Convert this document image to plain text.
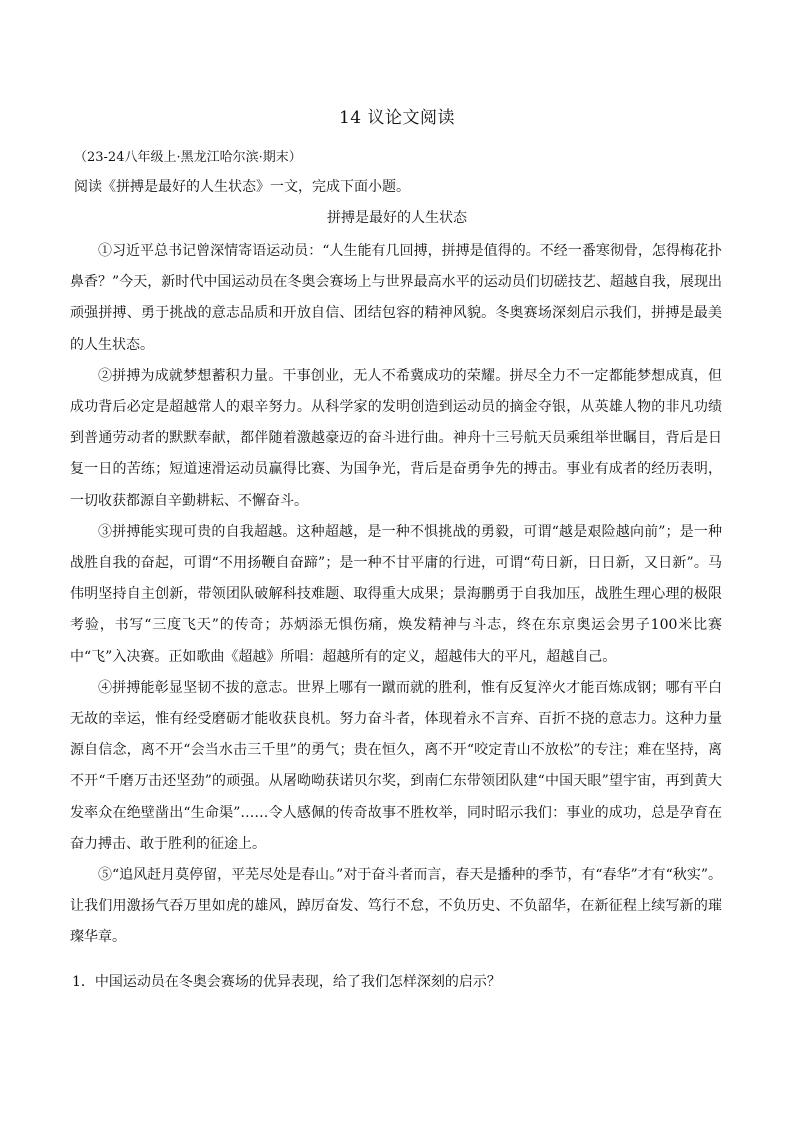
14 议论文阅读
（23-24八年级上·黑龙江哈尔滨·期末）
阅读《拼搏是最好的人生状态》一文，完成下面小题。
拼搏是最好的人生状态

①习近平总书记曾深情寄语运动员：“人生能有几回搏，拼搏是值得的。不经一番寒彻骨，怎得梅花扑鼻香？”今天，新时代中国运动员在冬奥会赛场上与世界最高水平的运动员们切磋技艺、超越自我，展现出顽强拼搏、勇于挑战的意志品质和开放自信、团结包容的精神风貌。冬奥赛场深刻启示我们，拼搏是最美的人生状态。

②拼搏为成就梦想蓄积力量。干事创业，无人不希冀成功的荣耀。拼尽全力不一定都能梦想成真，但成功背后必定是超越常人的艰辛努力。从科学家的发明创造到运动员的摘金夺银，从英雄人物的非凡功绩到普通劳动者的默默奉献，都伴随着激越豪迈的奋斗进行曲。神舟十三号航天员乘组举世瞩目，背后是日复一日的苦练；短道速滑运动员赢得比赛、为国争光，背后是奋勇争先的搏击。事业有成者的经历表明，一切收获都源自辛勤耕耘、不懈奋斗。

③拼搏能实现可贵的自我超越。这种超越，是一种不惧挑战的勇毅，可谓“越是艰险越向前”；是一种战胜自我的奋起，可谓“不用扬鞭自奋蹄”；是一种不甘平庸的行进，可谓“苟日新，日日新，又日新”。马伟明坚持自主创新，带领团队破解科技难题、取得重大成果；景海鹏勇于自我加压，战胜生理心理的极限考验，书写“三度飞天”的传奇；苏炳添无惧伤痛，焕发精神与斗志，终在东京奥运会男子100米比赛中“飞”入决赛。正如歌曲《超越》所唱：超越所有的定义，超越伟大的平凡，超越自己。

④拼搏能彰显坚韧不拔的意志。世界上哪有一蹴而就的胜利，惟有反复淬火才能百炼成钢；哪有平白无故的幸运，惟有经受磨砺才能收获良机。努力奋斗者，体现着永不言弃、百折不挠的意志力。这种力量源自信念，离不开“会当水击三千里”的勇气；贵在恒久，离不开“咬定青山不放松”的专注；难在坚持，离不开“千磨万击还坚劲”的顽强。从屠呦呦获诺贝尔奖，到南仁东带领团队建“中国天眼”望宇宙，再到黄大发率众在绝壁凿出“生命渠”……令人感佩的传奇故事不胜枚举，同时昭示我们：事业的成功，总是孕育在奋力搏击、敢于胜利的征途上。

⑤“追风赶月莫停留，平芜尽处是春山。”对于奋斗者而言，春天是播种的季节，有“春华”才有“秋实”。让我们用激扬气吞万里如虎的雄风，踔厉奋发、笃行不怠，不负历史、不负韶华，在新征程上续写新的璀璨华章。

1．中国运动员在冬奥会赛场的优异表现，给了我们怎样深刻的启示？
